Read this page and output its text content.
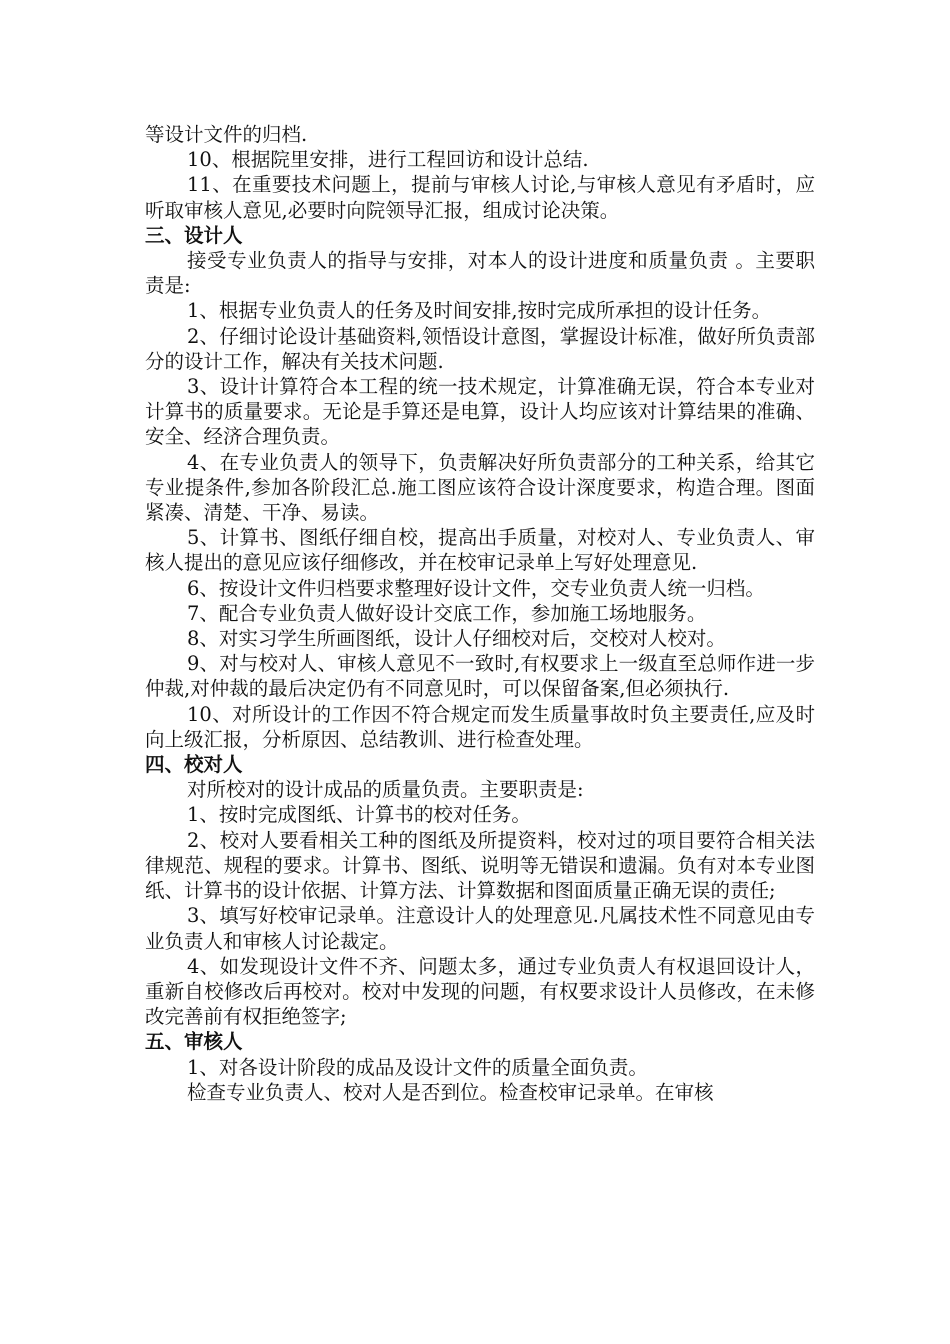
等设计文件的归档.

10、根据院里安排，进行工程回访和设计总结.

11、在重要技术问题上，提前与审核人讨论,与审核人意见有矛盾时，应听取审核人意见,必要时向院领导汇报，组成讨论决策。

三、设计人

接受专业负责人的指导与安排，对本人的设计进度和质量负责 。主要职责是:

1、根据专业负责人的任务及时间安排,按时完成所承担的设计任务。

2、仔细讨论设计基础资料,领悟设计意图，掌握设计标准，做好所负责部分的设计工作，解决有关技术问题.

3、设计计算符合本工程的统一技术规定，计算准确无误，符合本专业对计算书的质量要求。无论是手算还是电算，设计人均应该对计算结果的准确、安全、经济合理负责。

4、在专业负责人的领导下，负责解决好所负责部分的工种关系，给其它专业提条件,参加各阶段汇总.施工图应该符合设计深度要求，构造合理。图面紧凑、清楚、干净、易读。

5、计算书、图纸仔细自校，提高出手质量，对校对人、专业负责人、审核人提出的意见应该仔细修改，并在校审记录单上写好处理意见.

6、按设计文件归档要求整理好设计文件，交专业负责人统一归档。

7、配合专业负责人做好设计交底工作，参加施工场地服务。

8、对实习学生所画图纸，设计人仔细校对后，交校对人校对。

9、对与校对人、审核人意见不一致时,有权要求上一级直至总师作进一步仲裁,对仲裁的最后决定仍有不同意见时，可以保留备案,但必须执行.

10、对所设计的工作因不符合规定而发生质量事故时负主要责任,应及时向上级汇报，分析原因、总结教训、进行检查处理。

四、校对人

对所校对的设计成品的质量负责。主要职责是:

1、按时完成图纸、计算书的校对任务。

2、校对人要看相关工种的图纸及所提资料，校对过的项目要符合相关法律规范、规程的要求。计算书、图纸、说明等无错误和遗漏。负有对本专业图纸、计算书的设计依据、计算方法、计算数据和图面质量正确无误的责任;

3、填写好校审记录单。注意设计人的处理意见.凡属技术性不同意见由专业负责人和审核人讨论裁定。

4、如发现设计文件不齐、问题太多，通过专业负责人有权退回设计人，重新自校修改后再校对。校对中发现的问题，有权要求设计人员修改，在未修改完善前有权拒绝签字;

五、审核人

1、对各设计阶段的成品及设计文件的质量全面负责。

检查专业负责人、校对人是否到位。检查校审记录单。在审核
